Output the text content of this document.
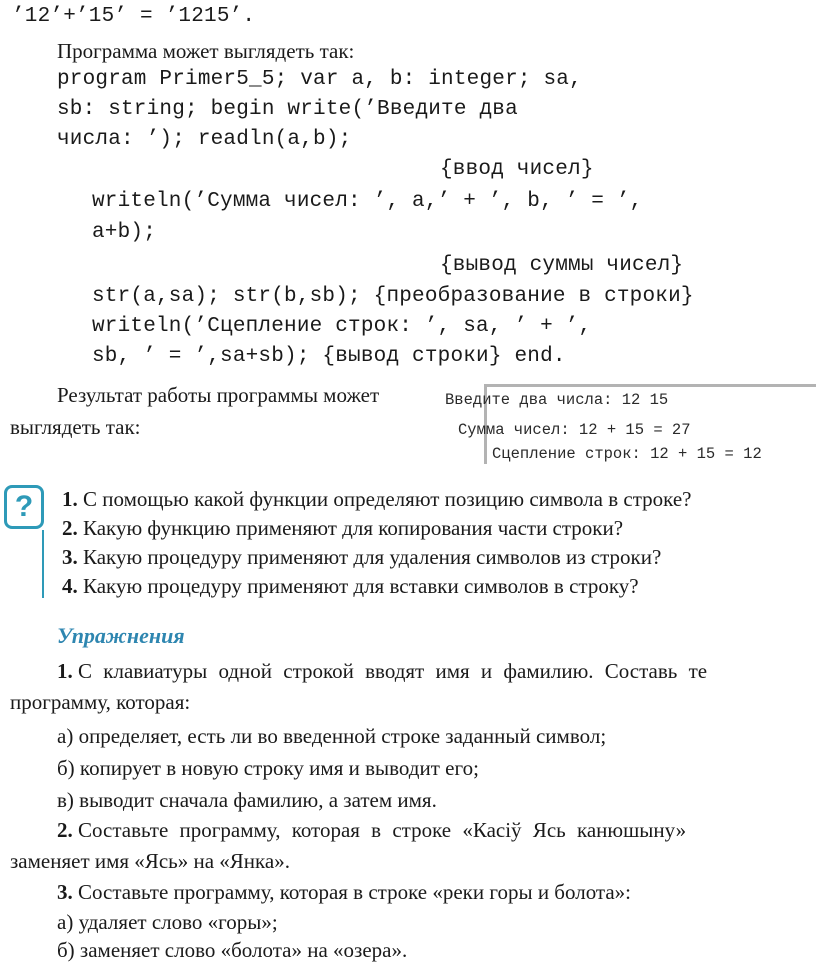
’12’+’15’ = ’1215’.
Программа может выглядеть так:
program Primer5_5; var a, b: integer; sa,
sb: string; begin write(’Введите два
числа: ’); readln(a,b);
{ввод чисел}
writeln(’Сумма чисел: ’, a,’ + ’, b, ’ = ’,
a+b);
{вывод суммы чисел}
str(a,sa); str(b,sb); {преобразование в строки}
writeln(’Сцепление строк: ’, sa, ’ + ’,
sb, ’ = ’,sa+sb); {вывод строки} end.
Результат работы программы может
выглядеть так:
Введите два числа: 12 15
Сумма чисел: 12 + 15 = 27
Сцепление строк: 12 + 15 = 12
? 1. С помощью какой функции определяют позицию символа в строке?
2. Какую функцию применяют для копирования части строки?
3. Какую процедуру применяют для удаления символов из строки?
4. Какую процедуру применяют для вставки символов в строку?
Упражнения
1. С клавиатуры одной строкой вводят имя и фамилию. Составь те
программу, которая:
а) определяет, есть ли во введенной строке заданный символ;
б) копирует в новую строку имя и выводит его;
в) выводит сначала фамилию, а затем имя.
2. Составьте программу, которая в строке «Касіў Ясь канюшыну»
заменяет имя «Ясь» на «Янка».
3. Составьте программу, которая в строке «реки горы и болота»:
а) удаляет слово «горы»;
б) заменяет слово «болота» на «озера».
